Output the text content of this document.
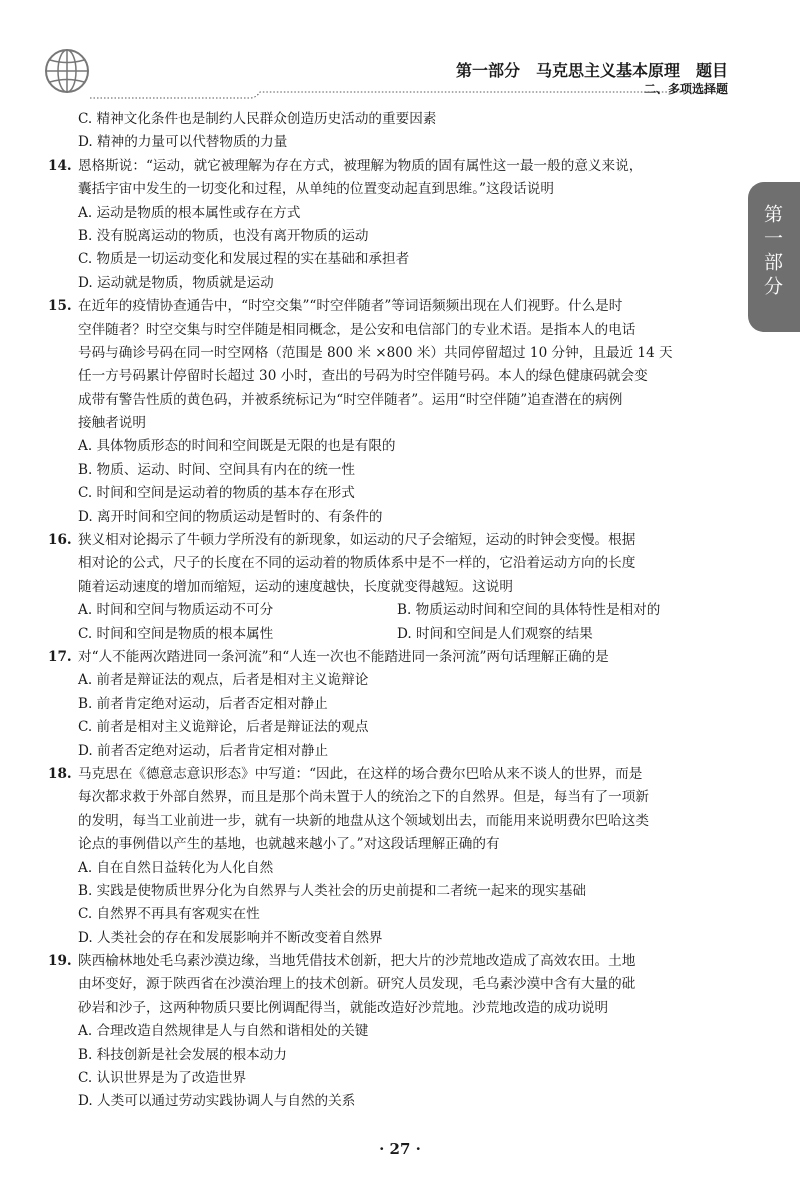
第一部分 马克思主义基本原理 题目
二、多项选择题
第一部分
C. 精神文化条件也是制约人民群众创造历史活动的重要因素
D. 精神的力量可以代替物质的力量
14. 恩格斯说：“运动，就它被理解为存在方式，被理解为物质的固有属性这一最一般的意义来说，
囊括宇宙中发生的一切变化和过程，从单纯的位置变动起直到思维。”这段话说明
A. 运动是物质的根本属性或存在方式
B. 没有脱离运动的物质，也没有离开物质的运动
C. 物质是一切运动变化和发展过程的实在基础和承担者
D. 运动就是物质，物质就是运动
15. 在近年的疫情协查通告中，“时空交集”“时空伴随者”等词语频频出现在人们视野。什么是时
空伴随者？时空交集与时空伴随是相同概念，是公安和电信部门的专业术语。是指本人的电话
号码与确诊号码在同一时空网格（范围是 800 米 ×800 米）共同停留超过 10 分钟，且最近 14 天
任一方号码累计停留时长超过 30 小时，查出的号码为时空伴随号码。本人的绿色健康码就会变
成带有警告性质的黄色码，并被系统标记为“时空伴随者”。运用“时空伴随”追查潜在的病例
接触者说明
A. 具体物质形态的时间和空间既是无限的也是有限的
B. 物质、运动、时间、空间具有内在的统一性
C. 时间和空间是运动着的物质的基本存在形式
D. 离开时间和空间的物质运动是暂时的、有条件的
16. 狭义相对论揭示了牛顿力学所没有的新现象，如运动的尺子会缩短，运动的时钟会变慢。根据
相对论的公式，尺子的长度在不同的运动着的物质体系中是不一样的，它沿着运动方向的长度
随着运动速度的增加而缩短，运动的速度越快，长度就变得越短。这说明
A. 时间和空间与物质运动不可分	B. 物质运动时间和空间的具体特性是相对的
C. 时间和空间是物质的根本属性	D. 时间和空间是人们观察的结果
17. 对“人不能两次踏进同一条河流”和“人连一次也不能踏进同一条河流”两句话理解正确的是
A. 前者是辩证法的观点，后者是相对主义诡辩论
B. 前者肯定绝对运动，后者否定相对静止
C. 前者是相对主义诡辩论，后者是辩证法的观点
D. 前者否定绝对运动，后者肯定相对静止
18. 马克思在《德意志意识形态》中写道：“因此，在这样的场合费尔巴哈从来不谈人的世界，而是
每次都求救于外部自然界，而且是那个尚未置于人的统治之下的自然界。但是，每当有了一项新
的发明，每当工业前进一步，就有一块新的地盘从这个领域划出去，而能用来说明费尔巴哈这类
论点的事例借以产生的基地，也就越来越小了。”对这段话理解正确的有
A. 自在自然日益转化为人化自然
B. 实践是使物质世界分化为自然界与人类社会的历史前提和二者统一起来的现实基础
C. 自然界不再具有客观实在性
D. 人类社会的存在和发展影响并不断改变着自然界
19. 陕西榆林地处毛乌素沙漠边缘，当地凭借技术创新，把大片的沙荒地改造成了高效农田。土地
由坏变好，源于陕西省在沙漠治理上的技术创新。研究人员发现，毛乌素沙漠中含有大量的砒
砂岩和沙子，这两种物质只要比例调配得当，就能改造好沙荒地。沙荒地改造的成功说明
A. 合理改造自然规律是人与自然和谐相处的关键
B. 科技创新是社会发展的根本动力
C. 认识世界是为了改造世界
D. 人类可以通过劳动实践协调人与自然的关系
· 27 ·
